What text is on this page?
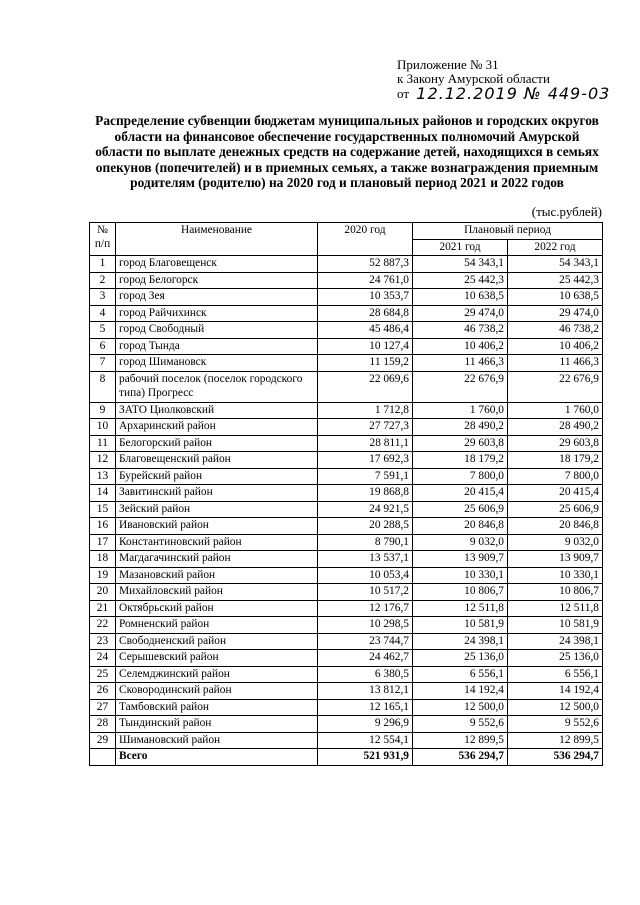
Приложение № 31
к Закону Амурской области
от 12.12.2019 № 449-03
Распределение субвенции бюджетам муниципальных районов и городских округов области на финансовое обеспечение государственных полномочий Амурской области по выплате денежных средств на содержание детей, находящихся в семьях опекунов (попечителей) и в приемных семьях, а также вознаграждения приемным родителям (родителю) на 2020 год и плановый период 2021 и 2022 годов
(тыс.рублей)
№ п/п	Наименование	2020 год	Плановый период	
			2021 год	2022 год
1	город Благовещенск	52 887,3	54 343,1	54 343,1
2	город Белогорск	24 761,0	25 442,3	25 442,3
3	город Зея	10 353,7	10 638,5	10 638,5
4	город Райчихинск	28 684,8	29 474,0	29 474,0
5	город Свободный	45 486,4	46 738,2	46 738,2
6	город Тында	10 127,4	10 406,2	10 406,2
7	город Шимановск	11 159,2	11 466,3	11 466,3
8	рабочий поселок (поселок городского типа) Прогресс	22 069,6	22 676,9	22 676,9
9	ЗАТО Циолковский	1 712,8	1 760,0	1 760,0
10	Архаринский район	27 727,3	28 490,2	28 490,2
11	Белогорский район	28 811,1	29 603,8	29 603,8
12	Благовещенский район	17 692,3	18 179,2	18 179,2
13	Бурейский район	7 591,1	7 800,0	7 800,0
14	Завитинский район	19 868,8	20 415,4	20 415,4
15	Зейский район	24 921,5	25 606,9	25 606,9
16	Ивановский район	20 288,5	20 846,8	20 846,8
17	Константиновский район	8 790,1	9 032,0	9 032,0
18	Магдагачинский район	13 537,1	13 909,7	13 909,7
19	Мазановский район	10 053,4	10 330,1	10 330,1
20	Михайловский район	10 517,2	10 806,7	10 806,7
21	Октябрьский район	12 176,7	12 511,8	12 511,8
22	Ромненский район	10 298,5	10 581,9	10 581,9
23	Свободненский район	23 744,7	24 398,1	24 398,1
24	Серышевский район	24 462,7	25 136,0	25 136,0
25	Селемджинский район	6 380,5	6 556,1	6 556,1
26	Сковородинский район	13 812,1	14 192,4	14 192,4
27	Тамбовский район	12 165,1	12 500,0	12 500,0
28	Тындинский район	9 296,9	9 552,6	9 552,6
29	Шимановский район	12 554,1	12 899,5	12 899,5
	Всего	521 931,9	536 294,7	536 294,7
